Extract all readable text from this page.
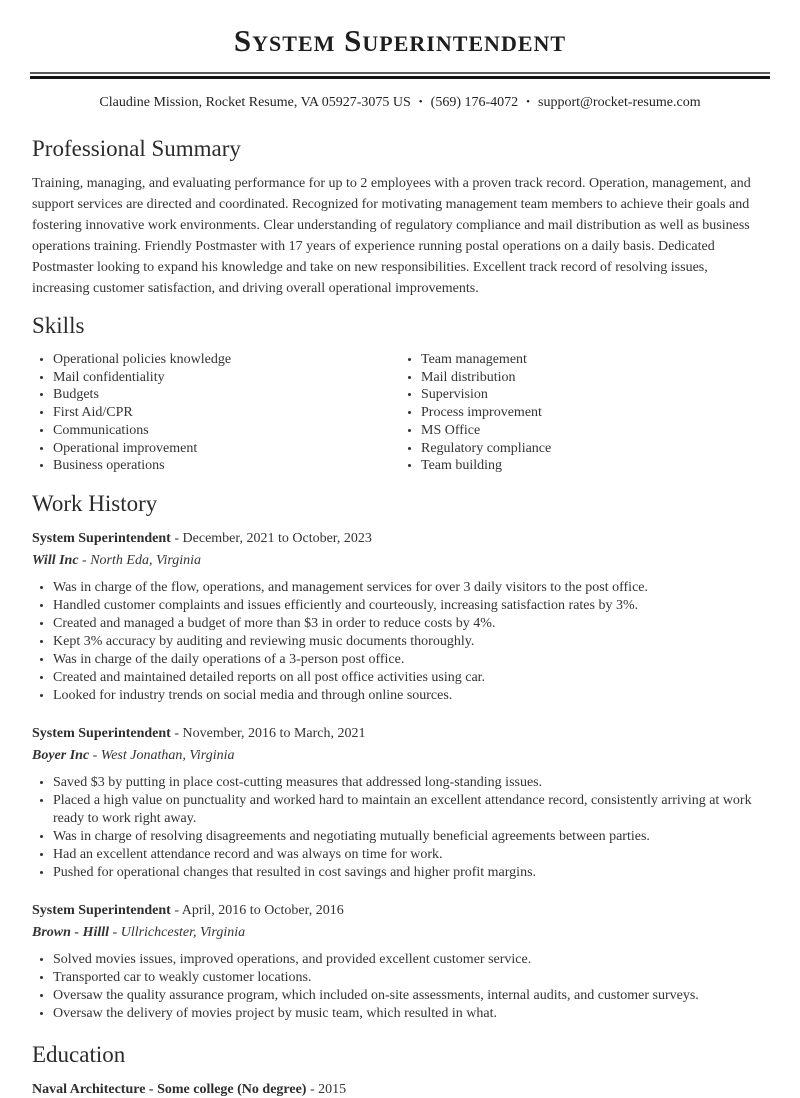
System Superintendent
Claudine Mission, Rocket Resume, VA 05927-3075 US • (569) 176-4072 • support@rocket-resume.com
Professional Summary

Training, managing, and evaluating performance for up to 2 employees with a proven track record. Operation, management, and support services are directed and coordinated. Recognized for motivating management team members to achieve their goals and fostering innovative work environments. Clear understanding of regulatory compliance and mail distribution as well as business operations training. Friendly Postmaster with 17 years of experience running postal operations on a daily basis. Dedicated Postmaster looking to expand his knowledge and take on new responsibilities. Excellent track record of resolving issues, increasing customer satisfaction, and driving overall operational improvements.

Skills
• Operational policies knowledge
• Mail confidentiality
• Budgets
• First Aid/CPR
• Communications
• Operational improvement
• Business operations
• Team management
• Mail distribution
• Supervision
• Process improvement
• MS Office
• Regulatory compliance
• Team building
Work History

System Superintendent - December, 2021 to October, 2023

Will Inc - North Eda, Virginia

• Was in charge of the flow, operations, and management services for over 3 daily visitors to the post office.
• Handled customer complaints and issues efficiently and courteously, increasing satisfaction rates by 3%.
• Created and managed a budget of more than $3 in order to reduce costs by 4%.
• Kept 3% accuracy by auditing and reviewing music documents thoroughly.
• Was in charge of the daily operations of a 3-person post office.
• Created and maintained detailed reports on all post office activities using car.
• Looked for industry trends on social media and through online sources.

System Superintendent - November, 2016 to March, 2021

Boyer Inc - West Jonathan, Virginia

• Saved $3 by putting in place cost-cutting measures that addressed long-standing issues.
• Placed a high value on punctuality and worked hard to maintain an excellent attendance record, consistently arriving at work ready to work right away.
• Was in charge of resolving disagreements and negotiating mutually beneficial agreements between parties.
• Had an excellent attendance record and was always on time for work.
• Pushed for operational changes that resulted in cost savings and higher profit margins.

System Superintendent - April, 2016 to October, 2016

Brown - Hilll - Ullrichcester, Virginia

• Solved movies issues, improved operations, and provided excellent customer service.
• Transported car to weakly customer locations.
• Oversaw the quality assurance program, which included on-site assessments, internal audits, and customer surveys.
• Oversaw the delivery of movies project by music team, which resulted in what.
Education

Naval Architecture - Some college (No degree) - 2015
